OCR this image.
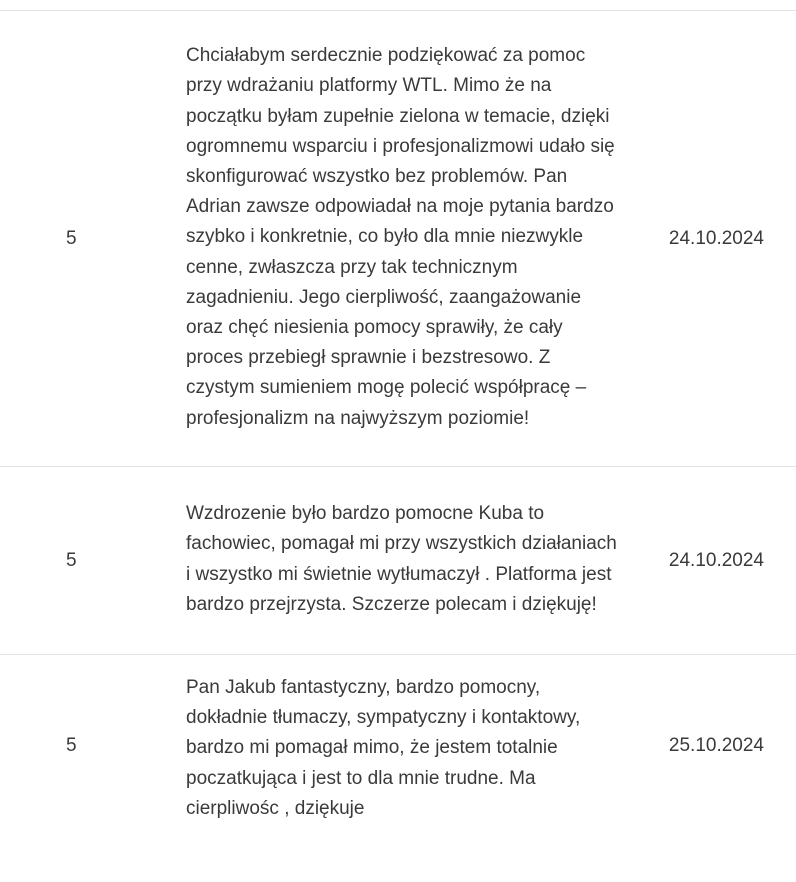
5
Chciałabym serdecznie podziękować za pomoc przy wdrażaniu platformy WTL. Mimo że na początku byłam zupełnie zielona w temacie, dzięki ogromnemu wsparciu i profesjonalizmowi udało się skonfigurować wszystko bez problemów. Pan Adrian zawsze odpowiadał na moje pytania bardzo szybko i konkretnie, co było dla mnie niezwykle cenne, zwłaszcza przy tak technicznym zagadnieniu. Jego cierpliwość, zaangażowanie oraz chęć niesienia pomocy sprawiły, że cały proces przebiegł sprawnie i bezstresowo. Z czystym sumieniem mogę polecić współpracę – profesjonalizm na najwyższym poziomie!
24.10.2024
5
Wzdrozenie było bardzo pomocne Kuba to fachowiec, pomagał mi przy wszystkich działaniach i wszystko mi świetnie wytłumaczył . Platforma jest bardzo przejrzysta. Szczerze polecam i dziękuję!
24.10.2024
5
Pan Jakub fantastyczny, bardzo pomocny, dokładnie tłumaczy, sympatyczny i kontaktowy, bardzo mi pomagał mimo, że jestem totalnie poczatkująca i jest to dla mnie trudne. Ma cierpliwośc , dziękuje
25.10.2024
